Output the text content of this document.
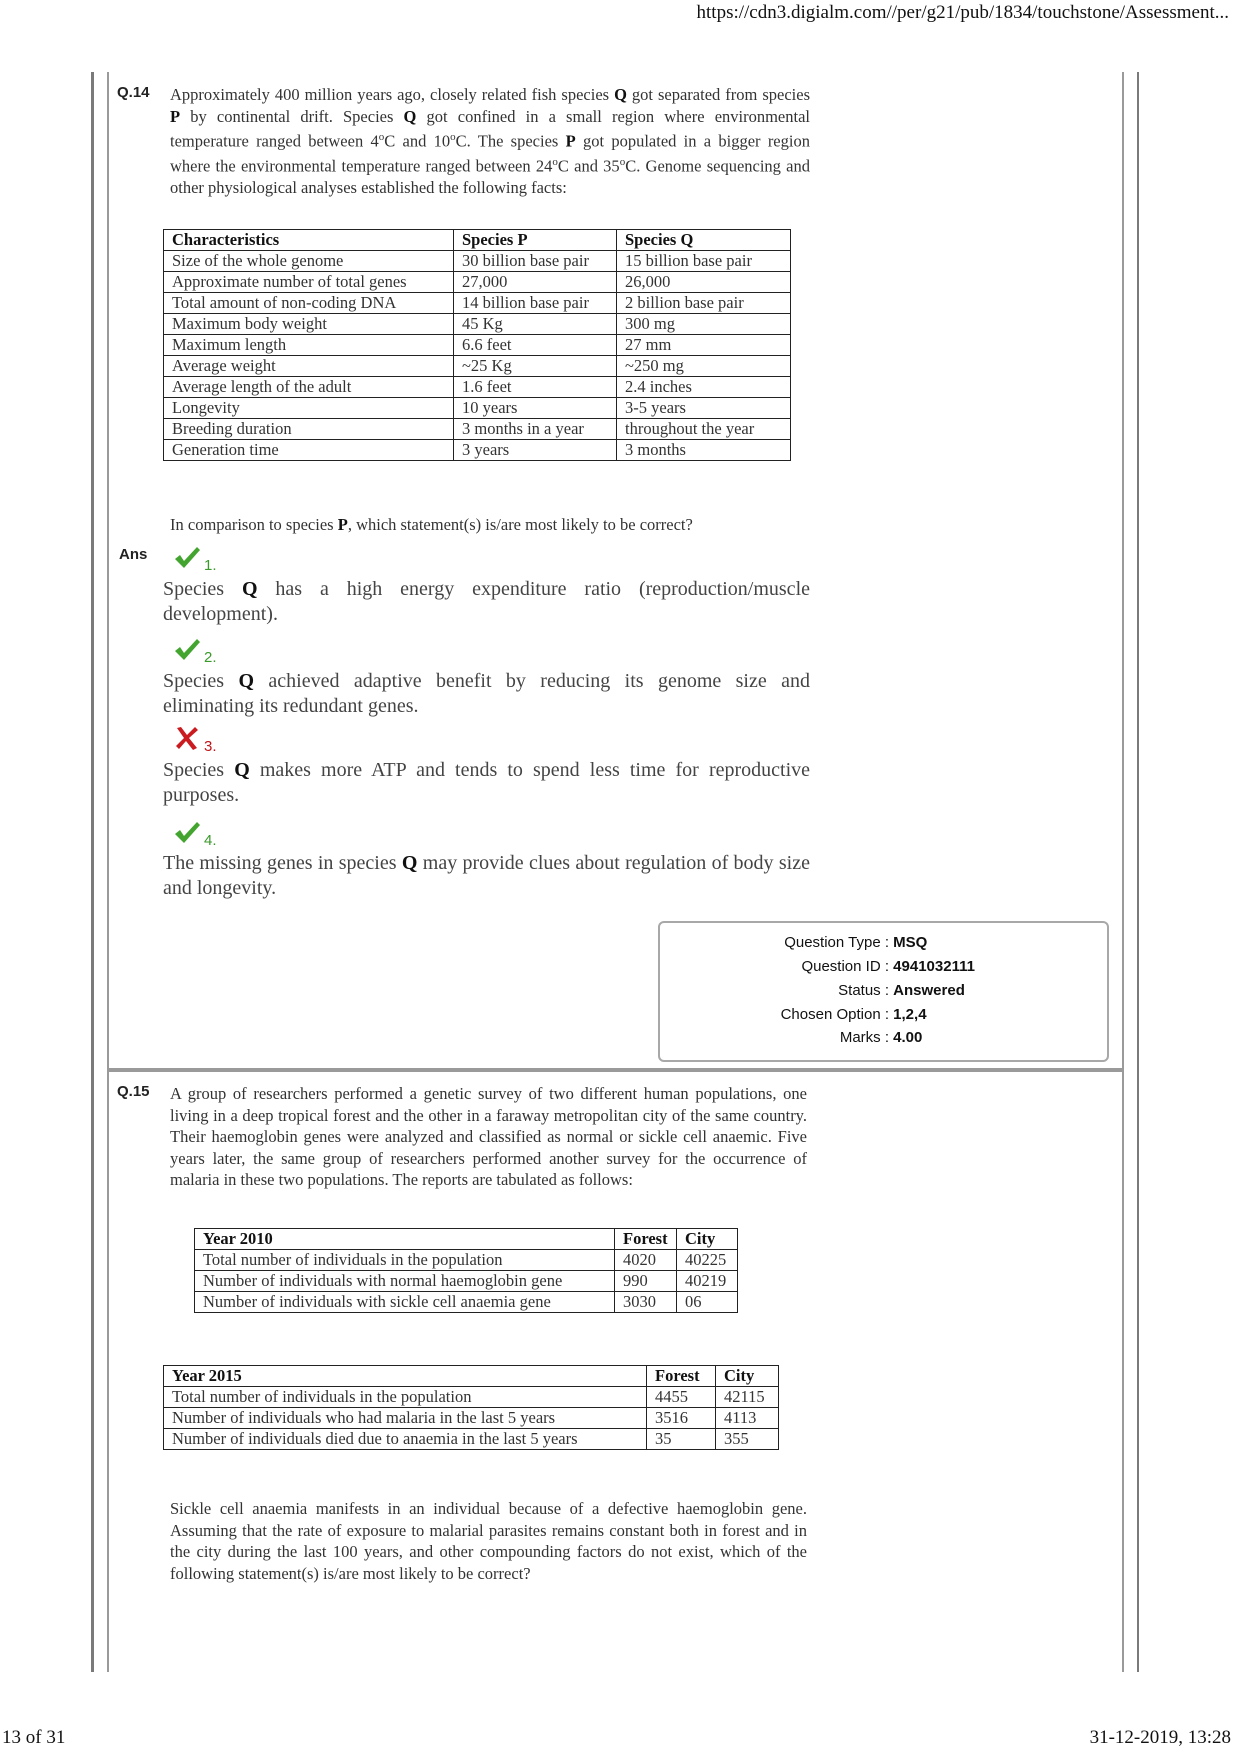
https://cdn3.digialm.com//per/g21/pub/1834/touchstone/Assessment...
13 of 31	31-12-2019, 13:28
Q.14 Approximately 400 million years ago, closely related fish species Q got separated from species P by continental drift. Species Q got confined in a small region where environmental temperature ranged between 4$^o$C and 10$^o$C. The species P got populated in a bigger region where the environmental temperature ranged between 24$^o$C and 35$^o$C. Genome sequencing and other physiological analyses established the following facts:
Characteristics	Species P	Species Q
Size of the whole genome	30 billion base pair	15 billion base pair
Approximate number of total genes	27,000	26,000
Total amount of non-coding DNA	14 billion base pair	2 billion base pair
Maximum body weight	45 Kg	300 mg
Maximum length	6.6 feet	27 mm
Average weight	~25 Kg	~250 mg
Average length of the adult	1.6 feet	2.4 inches
Longevity	10 years	3-5 years
Breeding duration	3 months in a year	throughout the year
Generation time	3 years	3 months
In comparison to species P, which statement(s) is/are most likely to be correct?
Ans
1.
Species Q has a high energy expenditure ratio (reproduction/muscle development).
2.
Species Q achieved adaptive benefit by reducing its genome size and eliminating its redundant genes.
3.
Species Q makes more ATP and tends to spend less time for reproductive purposes.
4.
The missing genes in species Q may provide clues about regulation of body size and longevity.
Question Type : MSQ
Question ID : 4941032111
Status : Answered
Chosen Option : 1,2,4
Marks : 4.00
Q.15 A group of researchers performed a genetic survey of two different human populations, one living in a deep tropical forest and the other in a faraway metropolitan city of the same country. Their haemoglobin genes were analyzed and classified as normal or sickle cell anaemic. Five years later, the same group of researchers performed another survey for the occurrence of malaria in these two populations. The reports are tabulated as follows:
Year 2010	Forest	City
Total number of individuals in the population	4020	40225
Number of individuals with normal haemoglobin gene	990	40219
Number of individuals with sickle cell anaemia gene	3030	06
Year 2015	Forest	City
Total number of individuals in the population	4455	42115
Number of individuals who had malaria in the last 5 years	3516	4113
Number of individuals died due to anaemia in the last 5 years	35	355
Sickle cell anaemia manifests in an individual because of a defective haemoglobin gene. Assuming that the rate of exposure to malarial parasites remains constant both in forest and in the city during the last 100 years, and other compounding factors do not exist, which of the following statement(s) is/are most likely to be correct?
